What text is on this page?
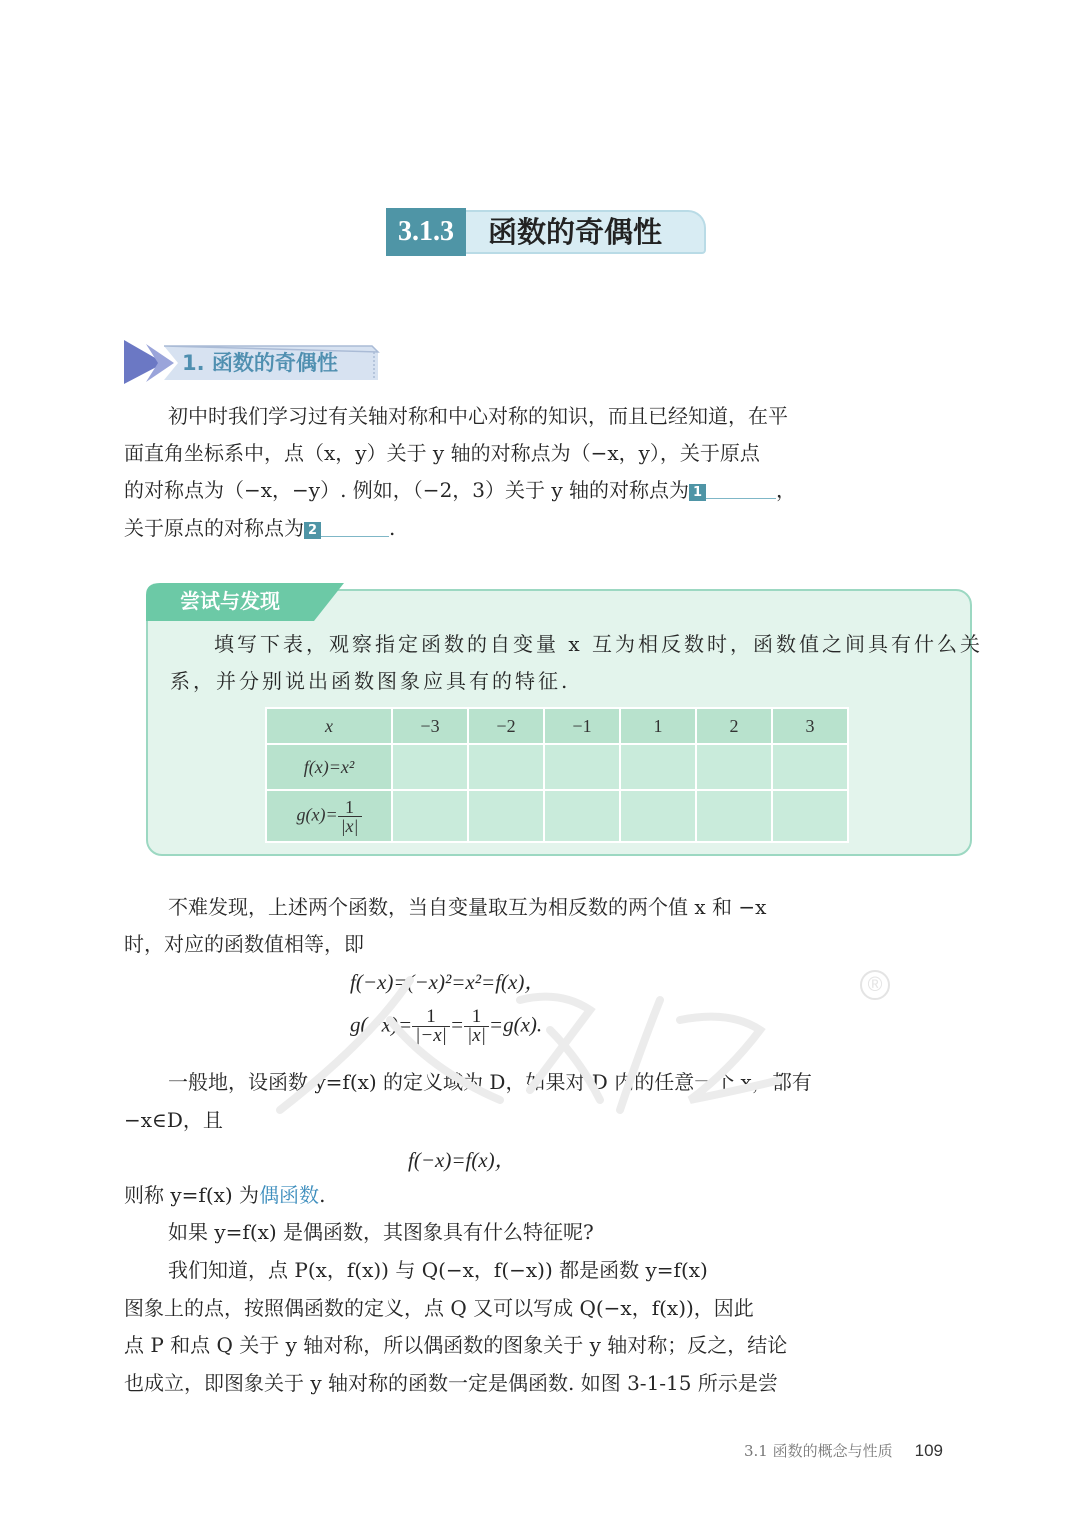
3.1.3	函数的奇偶性
1. 函数的奇偶性
初中时我们学习过有关轴对称和中心对称的知识，而且已经知道，在平
面直角坐标系中，点（x，y）关于 y 轴的对称点为（−x，y），关于原点
的对称点为（−x，−y）. 例如，（−2，3）关于 y 轴的对称点为 1	，
关于原点的对称点为 2	.
尝试与发现
填写下表，观察指定函数的自变量 x 互为相反数时，函数值之间具有什么关
系，并分别说出函数图象应具有的特征.
x	−3	−2	−1	1	2	3
f(x)=x²						
$g(x)= \frac{1}{|x|}$

不难发现，上述两个函数，当自变量取互为相反数的两个值 x 和 −x
时，对应的函数值相等，即
f(−x)=(−x)²=x²=f(x)，
$g(-x)= \frac{1}{|-x|} = \frac{1}{|x|} =g(x)$.
一般地，设函数 y=f(x) 的定义域为 D，如果对 D 内的任意一个 x，都有
−x∈D，且
f(−x)=f(x)，
则称 y=f(x) 为偶函数.
如果 y=f(x) 是偶函数，其图象具有什么特征呢?
我们知道，点 P(x，f(x)) 与 Q(−x，f(−x)) 都是函数 y=f(x)
图象上的点，按照偶函数的定义，点 Q 又可以写成 Q(−x，f(x))，因此
点 P 和点 Q 关于 y 轴对称，所以偶函数的图象关于 y 轴对称；反之，结论
也成立，即图象关于 y 轴对称的函数一定是偶函数. 如图 3-1-15 所示是尝
®
3.1 函数的概念与性质 109
